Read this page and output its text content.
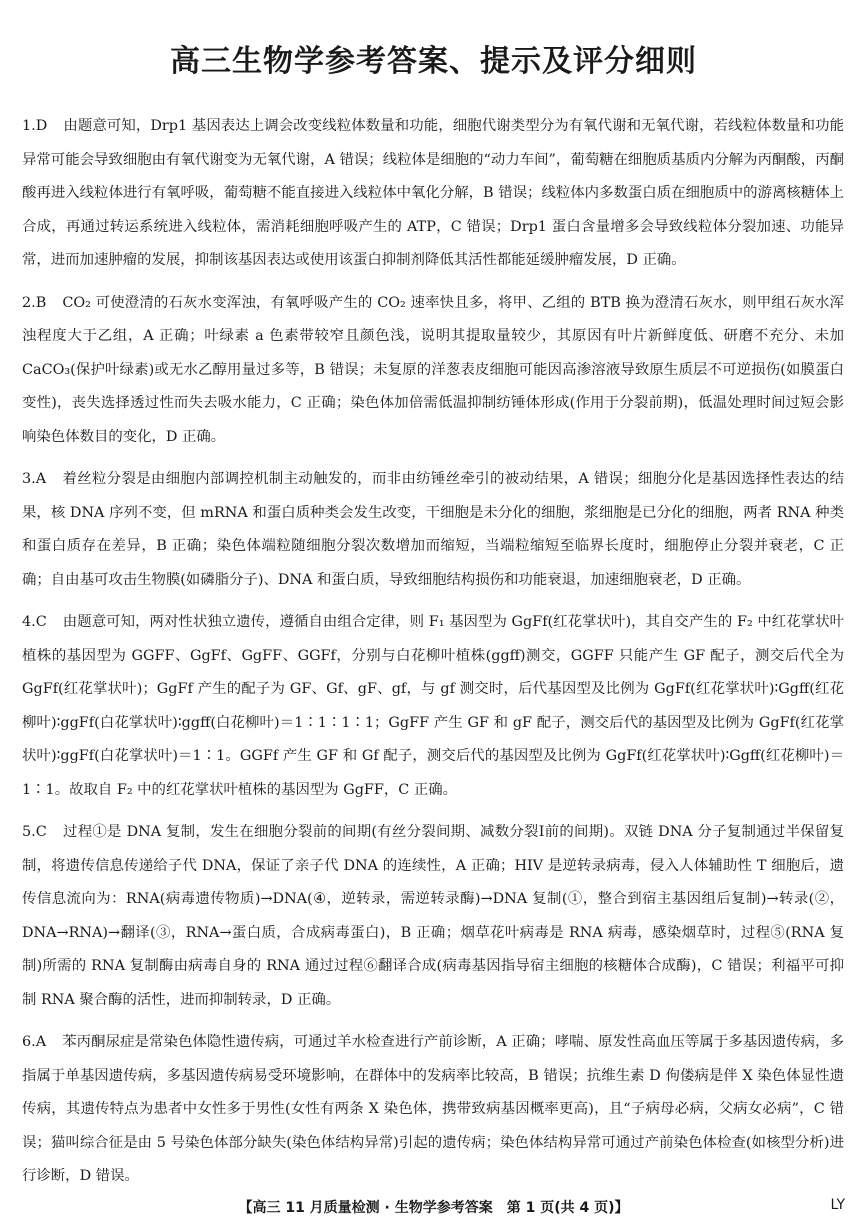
高三生物学参考答案、提示及评分细则

1.D 由题意可知，Drp1 基因表达上调会改变线粒体数量和功能，细胞代谢类型分为有氧代谢和无氧代谢，若线粒体数量和功能异常可能会导致细胞由有氧代谢变为无氧代谢，A 错误；线粒体是细胞的“动力车间”，葡萄糖在细胞质基质内分解为丙酮酸，丙酮酸再进入线粒体进行有氧呼吸，葡萄糖不能直接进入线粒体中氧化分解，B 错误；线粒体内多数蛋白质在细胞质中的游离核糖体上合成，再通过转运系统进入线粒体，需消耗细胞呼吸产生的 ATP，C 错误；Drp1 蛋白含量增多会导致线粒体分裂加速、功能异常，进而加速肿瘤的发展，抑制该基因表达或使用该蛋白抑制剂降低其活性都能延缓肿瘤发展，D 正确。

2.B CO₂ 可使澄清的石灰水变浑浊，有氧呼吸产生的 CO₂ 速率快且多，将甲、乙组的 BTB 换为澄清石灰水，则甲组石灰水浑浊程度大于乙组，A 正确；叶绿素 a 色素带较窄且颜色浅，说明其提取量较少，其原因有叶片新鲜度低、研磨不充分、未加 CaCO₃(保护叶绿素)或无水乙醇用量过多等，B 错误；未复原的洋葱表皮细胞可能因高渗溶液导致原生质层不可逆损伤(如膜蛋白变性)，丧失选择透过性而失去吸水能力，C 正确；染色体加倍需低温抑制纺锤体形成(作用于分裂前期)，低温处理时间过短会影响染色体数目的变化，D 正确。

3.A 着丝粒分裂是由细胞内部调控机制主动触发的，而非由纺锤丝牵引的被动结果，A 错误；细胞分化是基因选择性表达的结果，核 DNA 序列不变，但 mRNA 和蛋白质种类会发生改变，干细胞是未分化的细胞，浆细胞是已分化的细胞，两者 RNA 种类和蛋白质存在差异，B 正确；染色体端粒随细胞分裂次数增加而缩短，当端粒缩短至临界长度时，细胞停止分裂并衰老，C 正确；自由基可攻击生物膜(如磷脂分子)、DNA 和蛋白质，导致细胞结构损伤和功能衰退，加速细胞衰老，D 正确。

4.C 由题意可知，两对性状独立遗传，遵循自由组合定律，则 F₁ 基因型为 GgFf(红花掌状叶)，其自交产生的 F₂ 中红花掌状叶植株的基因型为 GGFF、GgFf、GgFF、GGFf，分别与白花柳叶植株(ggff)测交，GGFF 只能产生 GF 配子，测交后代全为 GgFf(红花掌状叶)；GgFf 产生的配子为 GF、Gf、gF、gf，与 gf 测交时，后代基因型及比例为 GgFf(红花掌状叶)∶Ggff(红花柳叶)∶ggFf(白花掌状叶)∶ggff(白花柳叶)＝1∶1∶1∶1；GgFF 产生 GF 和 gF 配子，测交后代的基因型及比例为 GgFf(红花掌状叶)∶ggFf(白花掌状叶)＝1∶1。GGFf 产生 GF 和 Gf 配子，测交后代的基因型及比例为 GgFf(红花掌状叶)∶Ggff(红花柳叶)＝1∶1。故取自 F₂ 中的红花掌状叶植株的基因型为 GgFF，C 正确。

5.C 过程①是 DNA 复制，发生在细胞分裂前的间期(有丝分裂间期、减数分裂Ⅰ前的间期)。双链 DNA 分子复制通过半保留复制，将遗传信息传递给子代 DNA，保证了亲子代 DNA 的连续性，A 正确；HIV 是逆转录病毒，侵入人体辅助性 T 细胞后，遗传信息流向为：RNA(病毒遗传物质)→DNA(④，逆转录，需逆转录酶)→DNA 复制(①，整合到宿主基因组后复制)→转录(②，DNA→RNA)→翻译(③，RNA→蛋白质，合成病毒蛋白)，B 正确；烟草花叶病毒是 RNA 病毒，感染烟草时，过程⑤(RNA 复制)所需的 RNA 复制酶由病毒自身的 RNA 通过过程⑥翻译合成(病毒基因指导宿主细胞的核糖体合成酶)，C 错误；利福平可抑制 RNA 聚合酶的活性，进而抑制转录，D 正确。

6.A 苯丙酮尿症是常染色体隐性遗传病，可通过羊水检查进行产前诊断，A 正确；哮喘、原发性高血压等属于多基因遗传病，多指属于单基因遗传病，多基因遗传病易受环境影响，在群体中的发病率比较高，B 错误；抗维生素 D 佝偻病是伴 X 染色体显性遗传病，其遗传特点为患者中女性多于男性(女性有两条 X 染色体，携带致病基因概率更高)，且“子病母必病，父病女必病”，C 错误；猫叫综合征是由 5 号染色体部分缺失(染色体结构异常)引起的遗传病；染色体结构异常可通过产前染色体检查(如核型分析)进行诊断，D 错误。

【高三 11 月质量检测 · 生物学参考答案　第 1 页(共 4 页)】	LY
